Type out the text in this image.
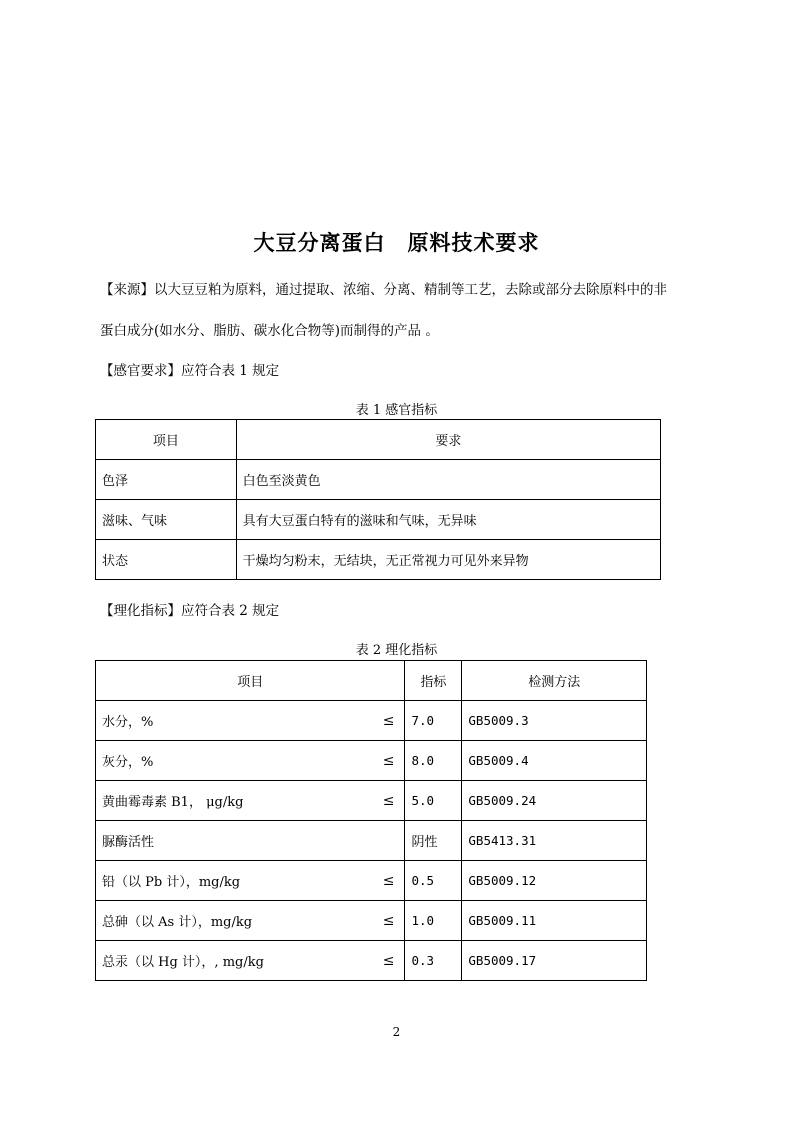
大豆分离蛋白 原料技术要求
【来源】以大豆豆粕为原料，通过提取、浓缩、分离、精制等工艺，去除或部分去除原料中的非
蛋白成分(如水分、脂肪、碳水化合物等)而制得的产品 。
【感官要求】应符合表 1 规定
表 1 感官指标
项目	要求
色泽	白色至淡黄色
滋味、气味	具有大豆蛋白特有的滋味和气味，无异味
状态	干燥均匀粉末，无结块，无正常视力可见外来异物
【理化指标】应符合表 2 规定
表 2 理化指标
项目	指标	检测方法
水分，% ≤	7.0	GB5009.3
灰分，% ≤	8.0	GB5009.4
黄曲霉毒素 B1， μg/kg ≤	5.0	GB5009.24
脲酶活性	阴性	GB5413.31
铅（以 Pb 计），mg/kg ≤	0.5	GB5009.12
总砷（以 As 计），mg/kg ≤	1.0	GB5009.11
总汞（以 Hg 计），, mg/kg ≤	0.3	GB5009.17
2
